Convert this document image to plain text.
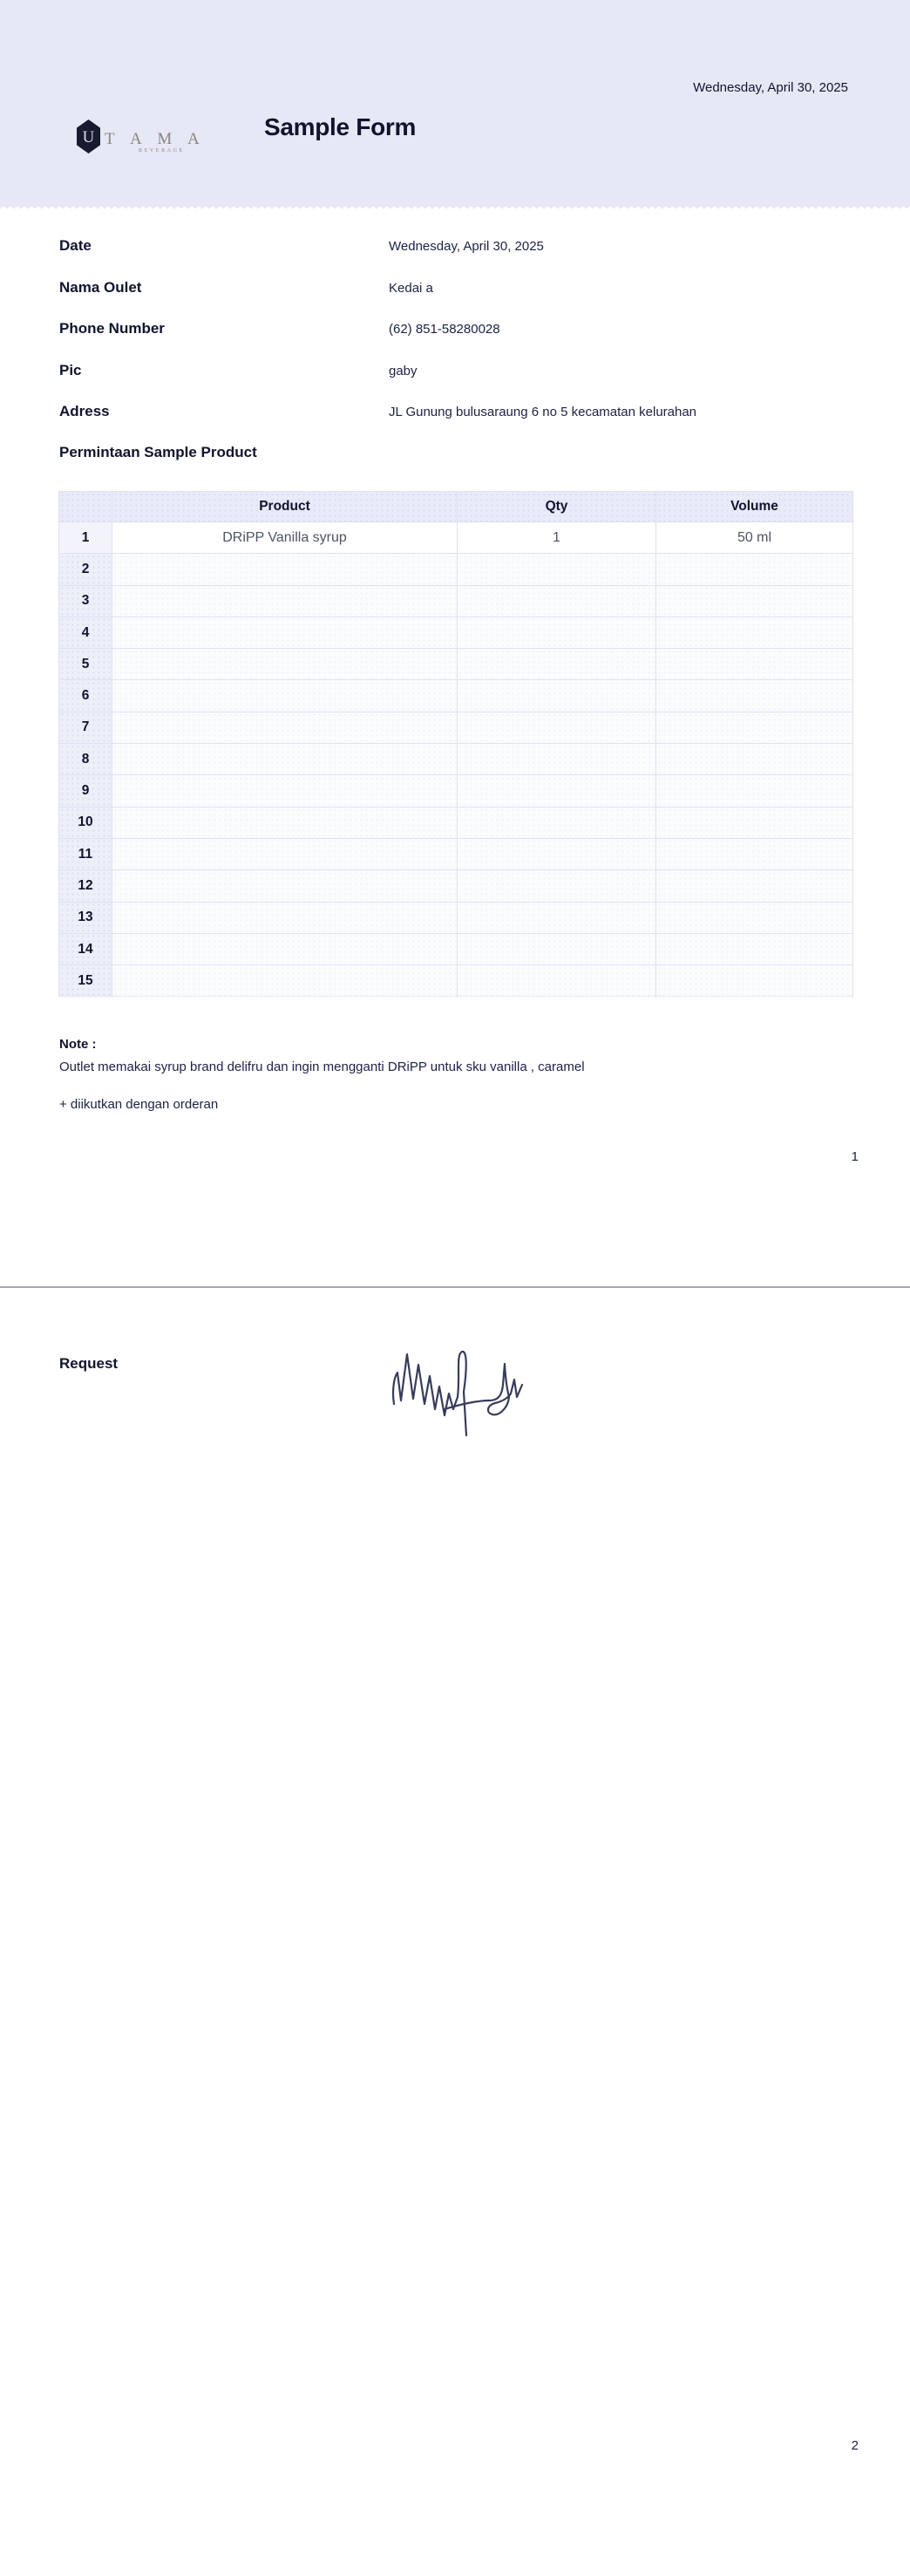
Wednesday, April 30, 2025
U T A M A
BEVERAGE
Sample Form
Date	Wednesday, April 30, 2025
Nama Oulet	Kedai a
Phone Number	(62) 851-58280028
Pic	gaby
Adress	JL Gunung bulusaraung 6 no 5 kecamatan kelurahan
Permintaan Sample Product
	Product	Qty	Volume
1	DRiPP Vanilla syrup	1	50 ml
2			
3			
4			
5			
6			
7			
8			
9			
10			
11			
12			
13			
14			
15			
Note :
Outlet memakai syrup brand delifru dan ingin mengganti DRiPP untuk sku vanilla , caramel
+ diikutkan dengan orderan
1
Request
2
